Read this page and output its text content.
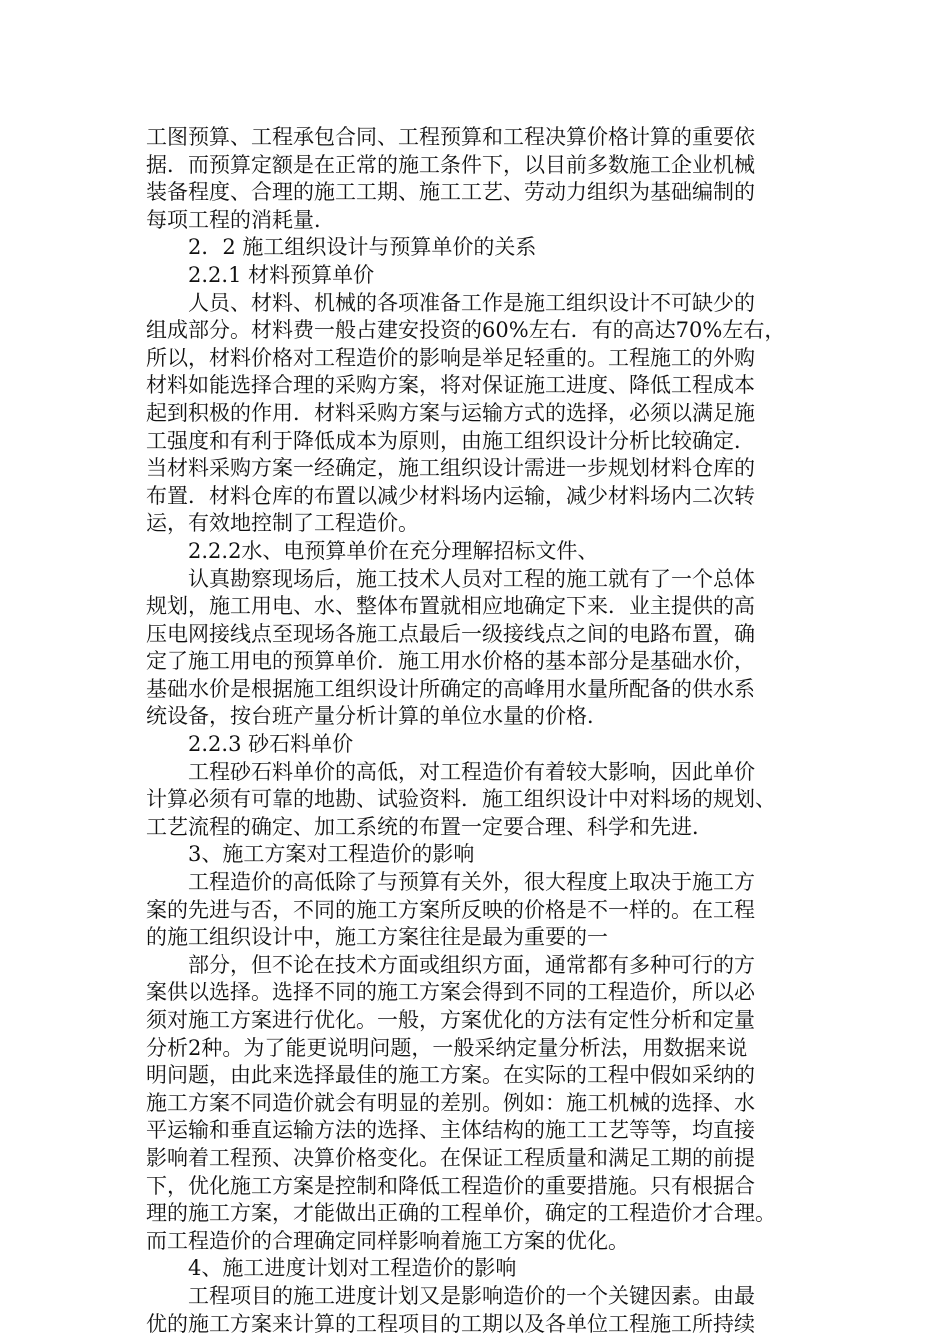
工图预算、工程承包合同、工程预算和工程决算价格计算的重要依
据．而预算定额是在正常的施工条件下，以目前多数施工企业机械
装备程度、合理的施工工期、施工工艺、劳动力组织为基础编制的
每项工程的消耗量．
2．2 施工组织设计与预算单价的关系
2.2.1 材料预算单价
人员、材料、机械的各项准备工作是施工组织设计不可缺少的
组成部分。材料费一般占建安投资的60%左右．有的高达70%左右，
所以，材料价格对工程造价的影响是举足轻重的。工程施工的外购
材料如能选择合理的采购方案，将对保证施工进度、降低工程成本
起到积极的作用．材料采购方案与运输方式的选择，必须以满足施
工强度和有利于降低成本为原则，由施工组织设计分析比较确定．
当材料采购方案一经确定，施工组织设计需进一步规划材料仓库的
布置．材料仓库的布置以减少材料场内运输，减少材料场内二次转
运，有效地控制了工程造价。
2.2.2水、电预算单价在充分理解招标文件、
认真勘察现场后，施工技术人员对工程的施工就有了一个总体
规划，施工用电、水、整体布置就相应地确定下来．业主提供的高
压电网接线点至现场各施工点最后一级接线点之间的电路布置，确
定了施工用电的预算单价．施工用水价格的基本部分是基础水价，
基础水价是根据施工组织设计所确定的高峰用水量所配备的供水系
统设备，按台班产量分析计算的单位水量的价格．
2.2.3 砂石料单价
工程砂石料单价的高低，对工程造价有着较大影响，因此单价
计算必须有可靠的地勘、试验资料．施工组织设计中对料场的规划、
工艺流程的确定、加工系统的布置一定要合理、科学和先进．
3、施工方案对工程造价的影响
工程造价的高低除了与预算有关外，很大程度上取决于施工方
案的先进与否，不同的施工方案所反映的价格是不一样的。在工程
的施工组织设计中，施工方案往往是最为重要的一
部分，但不论在技术方面或组织方面，通常都有多种可行的方
案供以选择。选择不同的施工方案会得到不同的工程造价，所以必
须对施工方案进行优化。一般，方案优化的方法有定性分析和定量
分析2种。为了能更说明问题，一般采纳定量分析法，用数据来说
明问题，由此来选择最佳的施工方案。在实际的工程中假如采纳的
施工方案不同造价就会有明显的差别。例如：施工机械的选择、水
平运输和垂直运输方法的选择、主体结构的施工工艺等等，均直接
影响着工程预、决算价格变化。在保证工程质量和满足工期的前提
下，优化施工方案是控制和降低工程造价的重要措施。只有根据合
理的施工方案，才能做出正确的工程单价，确定的工程造价才合理。
而工程造价的合理确定同样影响着施工方案的优化。
4、施工进度计划对工程造价的影响
工程项目的施工进度计划又是影响造价的一个关键因素。由最
优的施工方案来计算的工程项目的工期以及各单位工程施工所持续
